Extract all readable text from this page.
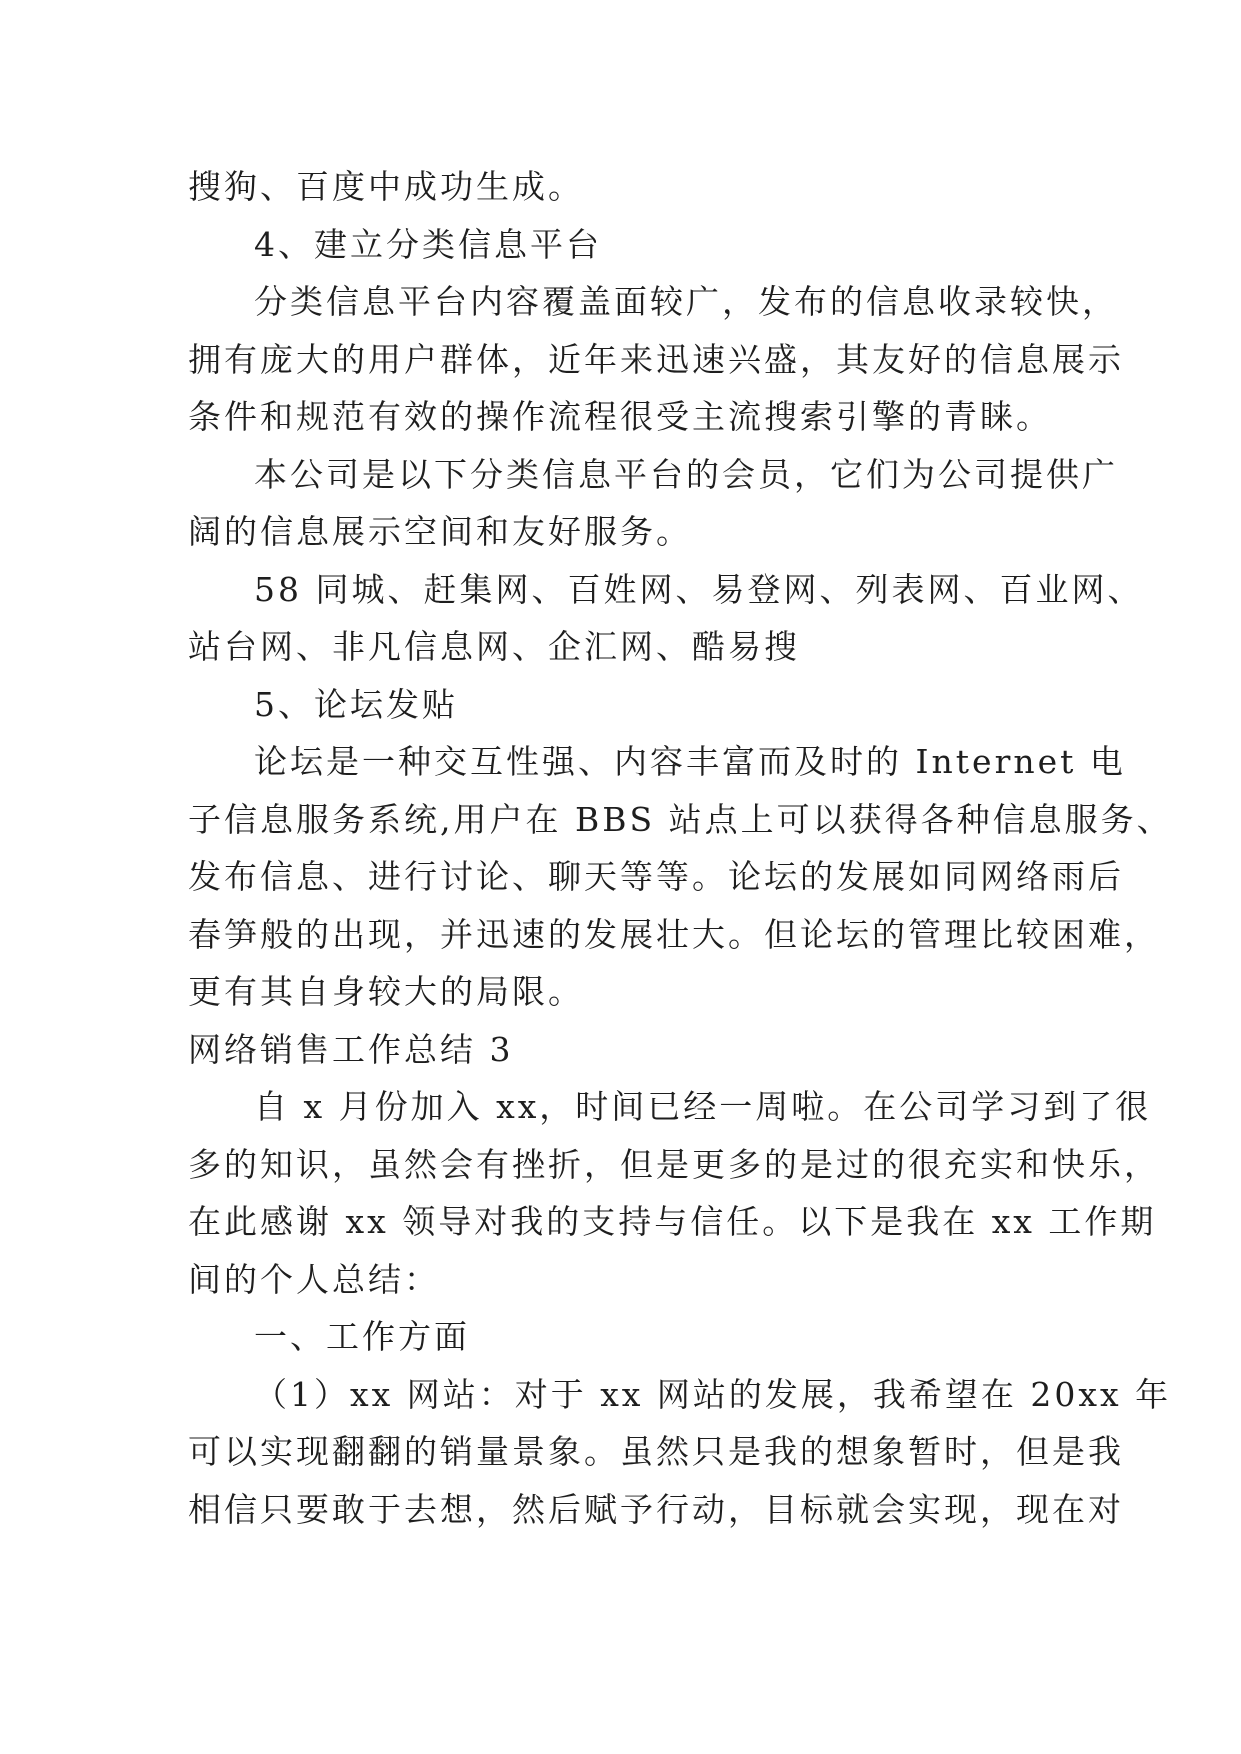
搜狗、百度中成功生成。
4、建立分类信息平台
分类信息平台内容覆盖面较广，发布的信息收录较快，
拥有庞大的用户群体，近年来迅速兴盛，其友好的信息展示
条件和规范有效的操作流程很受主流搜索引擎的青睐。
本公司是以下分类信息平台的会员，它们为公司提供广
阔的信息展示空间和友好服务。
58 同城、赶集网、百姓网、易登网、列表网、百业网、
站台网、非凡信息网、企汇网、酷易搜
5、论坛发贴
论坛是一种交互性强、内容丰富而及时的 Internet 电
子信息服务系统,用户在 BBS 站点上可以获得各种信息服务、
发布信息、进行讨论、聊天等等。论坛的发展如同网络雨后
春笋般的出现，并迅速的发展壮大。但论坛的管理比较困难，
更有其自身较大的局限。
网络销售工作总结 3
自 x 月份加入 xx，时间已经一周啦。在公司学习到了很
多的知识，虽然会有挫折，但是更多的是过的很充实和快乐，
在此感谢 xx 领导对我的支持与信任。以下是我在 xx 工作期
间的个人总结：
一、工作方面
（1）xx 网站：对于 xx 网站的发展，我希望在 20xx 年
可以实现翻翻的销量景象。虽然只是我的想象暂时，但是我
相信只要敢于去想，然后赋予行动，目标就会实现，现在对
